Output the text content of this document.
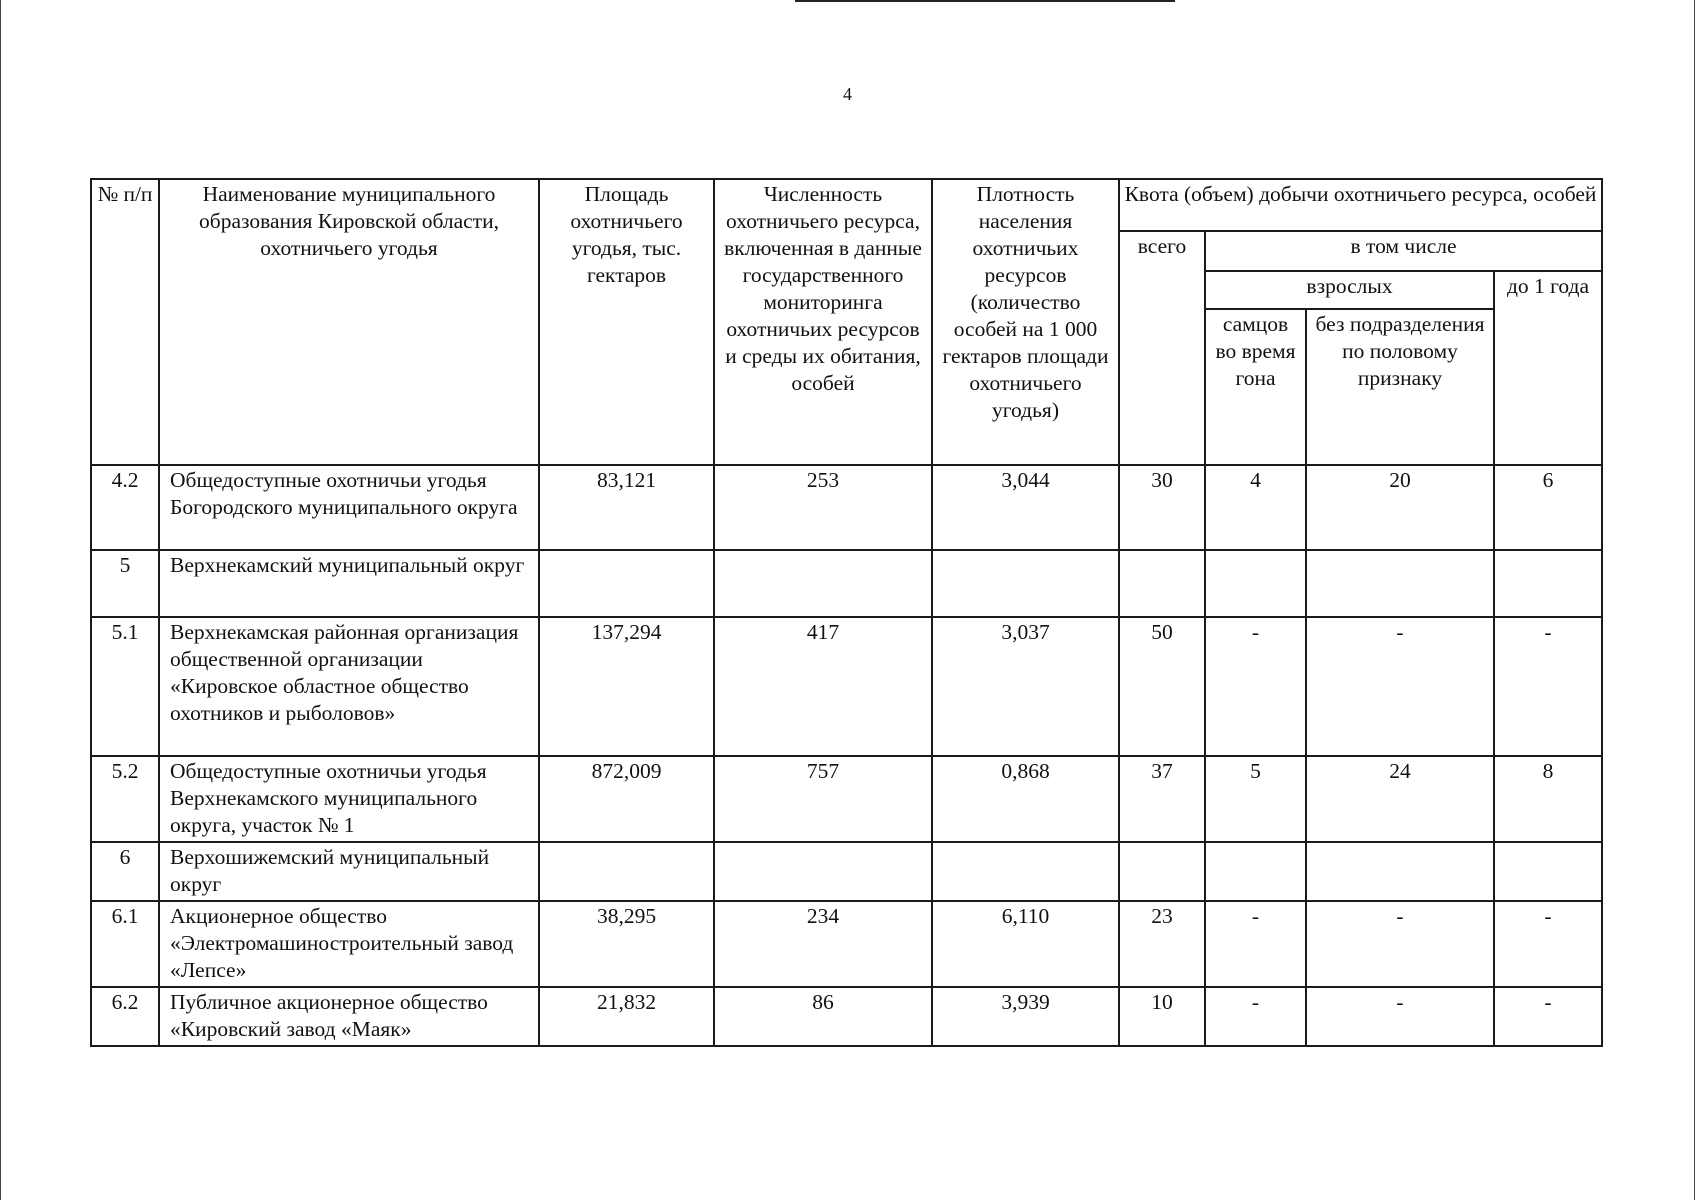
4
№ п/п	Наименование муниципального образования Кировской области, охотничьего угодья	Площадь охотничьего угодья, тыс. гектаров	Численность охотничьего ресурса, включенная в данные государственного мониторинга охотничьих ресурсов и среды их обитания, особей	Плотность населения охотничьих ресурсов (количество особей на 1 000 гектаров площади охотничьего угодья)	Квота (объем) добычи охотничьего ресурса, особей			
					всего	в том числе		
						взрослых		до 1 года
						самцов во время гона	без подразделения по половому признаку	
4.2	Общедоступные охотничьи угодья Богородского муниципального округа	83,121	253	3,044	30	4	20	6
5	Верхнекамский муниципальный округ							
5.1	Верхнекамская районная организация общественной организации «Кировское областное общество охотников и рыболовов»	137,294	417	3,037	50	-	-	-
5.2	Общедоступные охотничьи угодья Верхнекамского муниципального округа, участок № 1	872,009	757	0,868	37	5	24	8
6	Верхошижемский муниципальный округ							
6.1	Акционерное общество «Электромашиностроительный завод «Лепсе»	38,295	234	6,110	23	-	-	-
6.2	Публичное акционерное общество «Кировский завод «Маяк»	21,832	86	3,939	10	-	-	-
